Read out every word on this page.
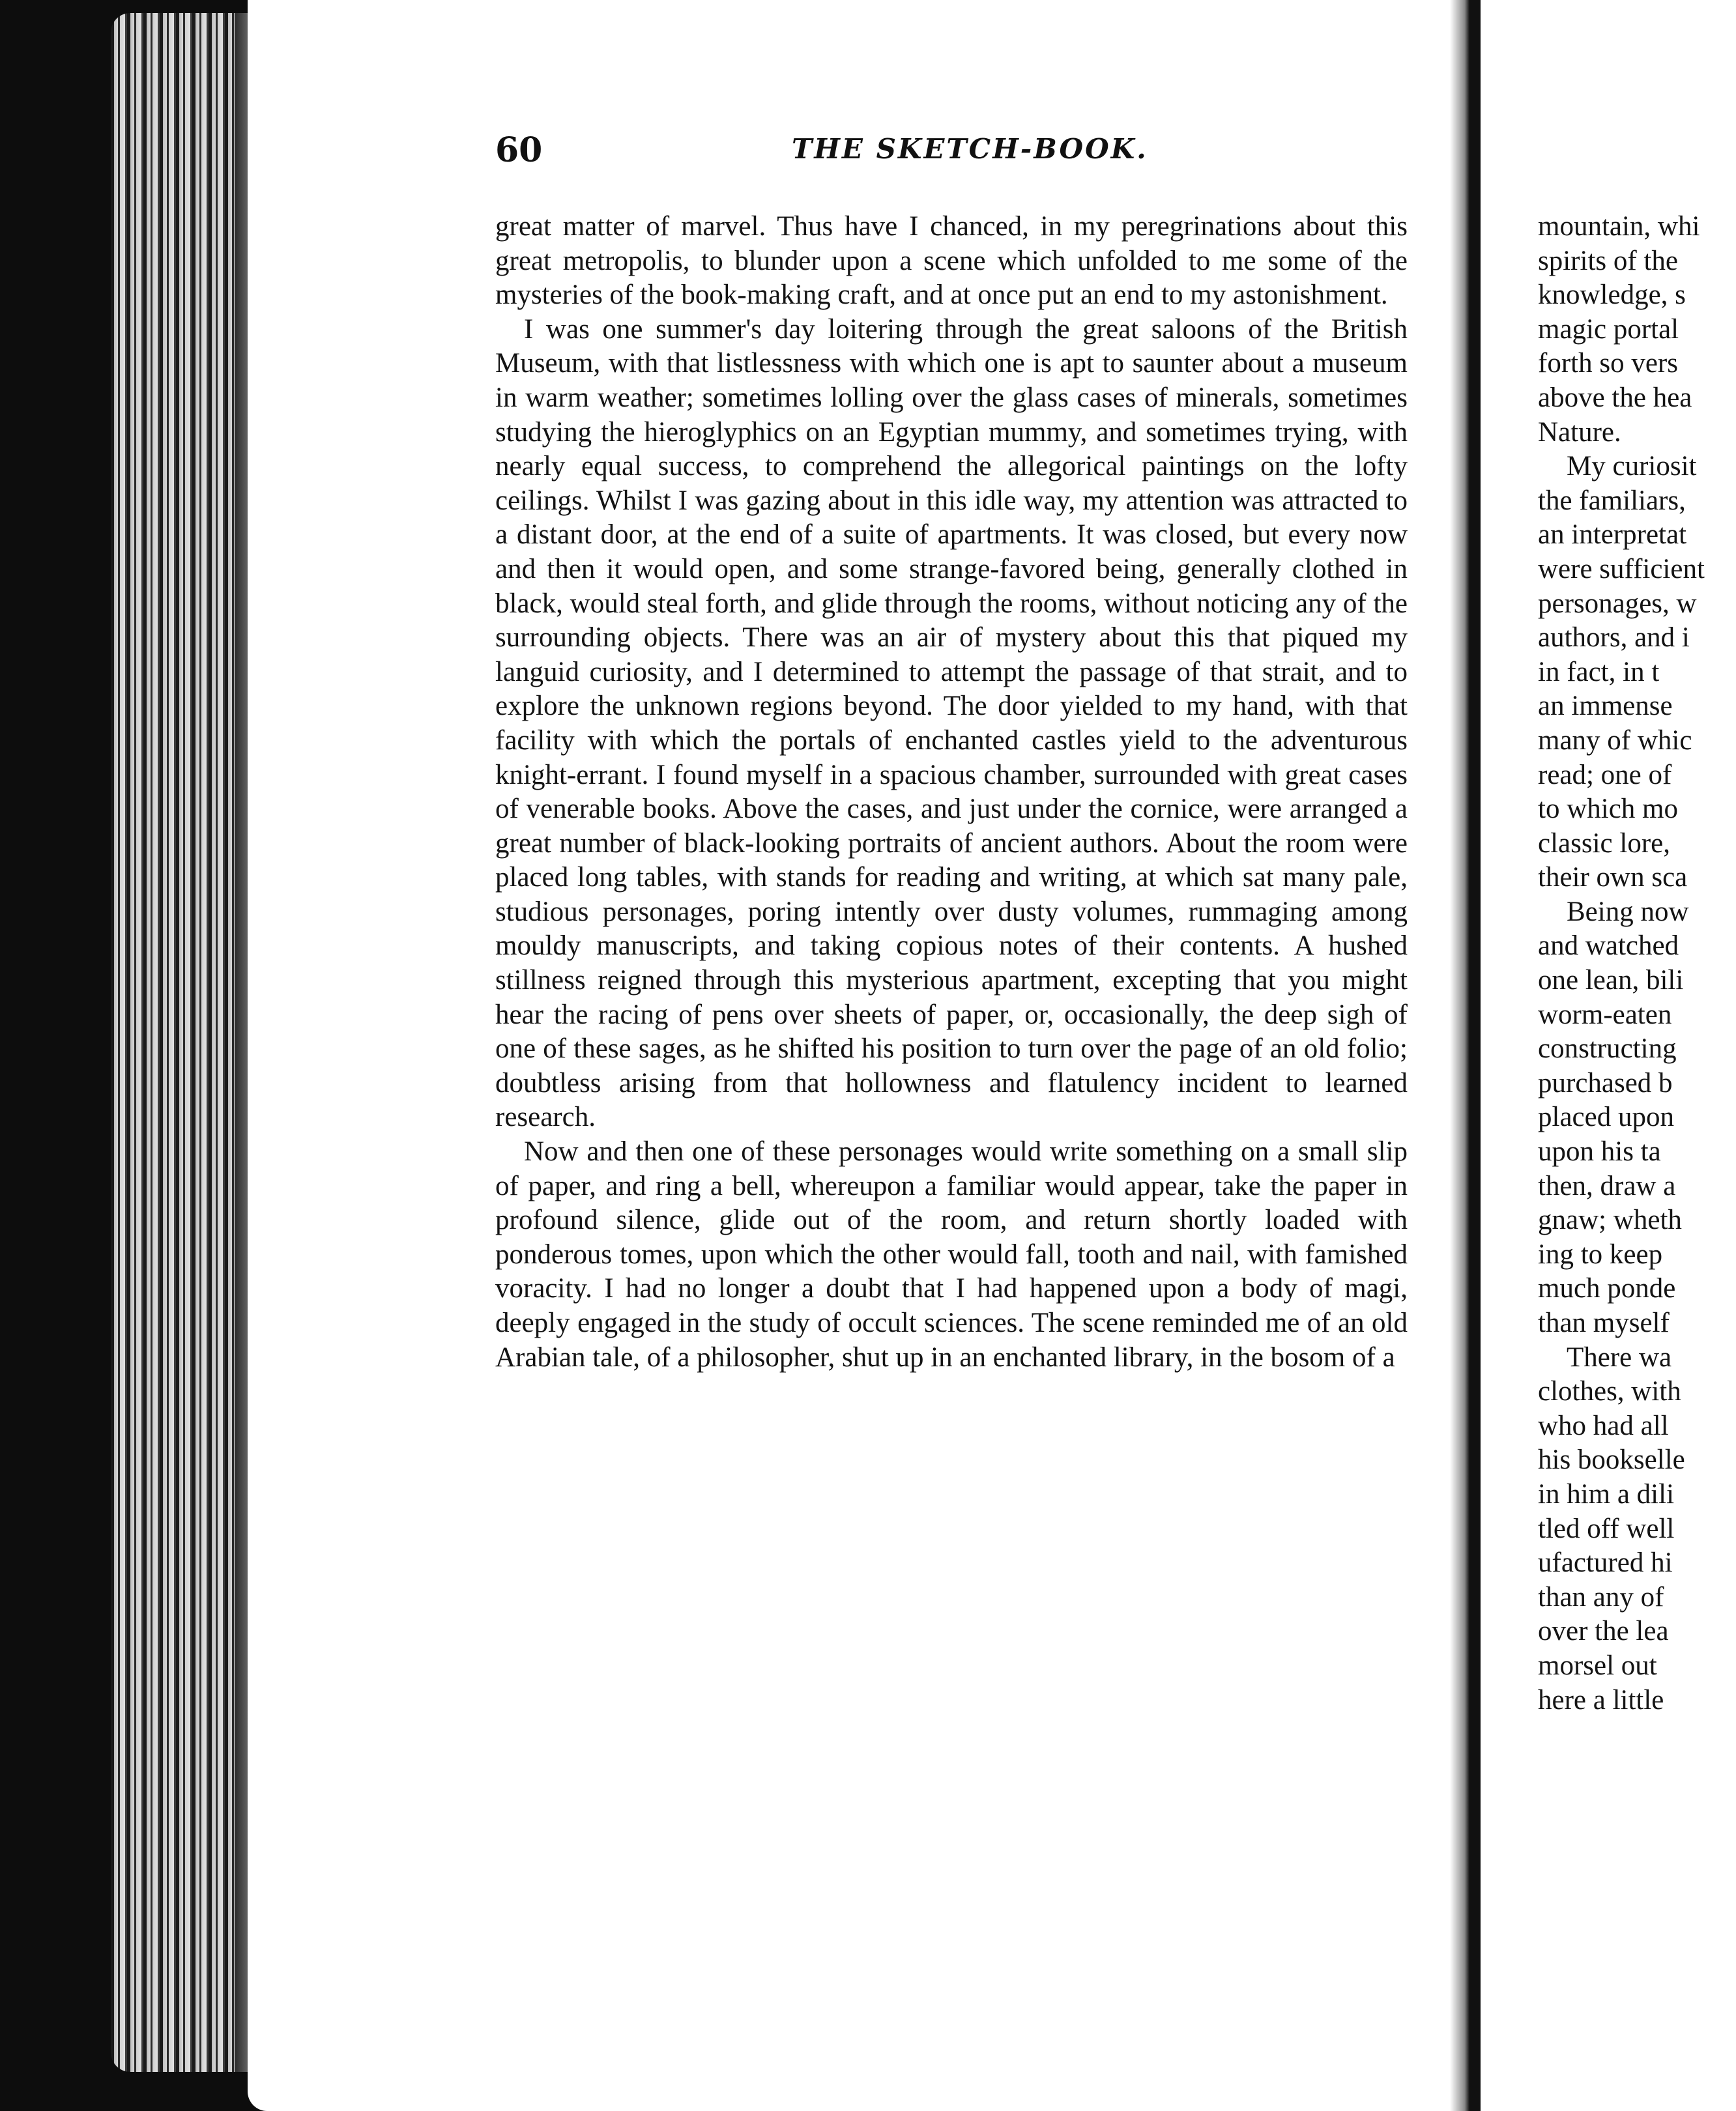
60	THE SKETCH-BOOK.

great matter of marvel. Thus have I chanced, in my peregrinations about this great metropolis, to blunder upon a scene which unfolded to me some of the mysteries of the book-making craft, and at once put an end to my astonishment.

I was one summer's day loitering through the great saloons of the British Museum, with that listlessness with which one is apt to saunter about a museum in warm weather; sometimes lolling over the glass cases of minerals, sometimes studying the hieroglyphics on an Egyptian mummy, and sometimes trying, with nearly equal success, to comprehend the allegorical paintings on the lofty ceilings. Whilst I was gazing about in this idle way, my attention was attracted to a distant door, at the end of a suite of apartments. It was closed, but every now and then it would open, and some strange-favored being, generally clothed in black, would steal forth, and glide through the rooms, without noticing any of the surrounding objects. There was an air of mystery about this that piqued my languid curiosity, and I determined to attempt the passage of that strait, and to explore the unknown regions beyond. The door yielded to my hand, with that facility with which the portals of enchanted castles yield to the adventurous knight-errant. I found myself in a spacious chamber, surrounded with great cases of venerable books. Above the cases, and just under the cornice, were arranged a great number of black-looking portraits of ancient authors. About the room were placed long tables, with stands for reading and writing, at which sat many pale, studious personages, poring intently over dusty volumes, rummaging among mouldy manuscripts, and taking copious notes of their contents. A hushed stillness reigned through this mysterious apartment, excepting that you might hear the racing of pens over sheets of paper, or, occasionally, the deep sigh of one of these sages, as he shifted his position to turn over the page of an old folio; doubtless arising from that hollowness and flatulency incident to learned research.

Now and then one of these personages would write something on a small slip of paper, and ring a bell, whereupon a familiar would appear, take the paper in profound silence, glide out of the room, and return shortly loaded with ponderous tomes, upon which the other would fall, tooth and nail, with famished voracity. I had no longer a doubt that I had happened upon a body of magi, deeply engaged in the study of occult sciences. The scene reminded me of an old Arabian tale, of a philosopher, shut up in an enchanted library, in the bosom of a

mountain, whi
spirits of the
knowledge, s
magic portal
forth so vers
above the hea
Nature.
My curiosit
the familiars,
an interpretat
were sufficient
personages, w
authors, and i
in fact, in t
an immense
many of whic
read; one of
to which mo
classic lore,
their own sca
Being now
and watched
one lean, bili
worm-eaten
constructing
purchased b
placed upon
upon his ta
then, draw a
gnaw; wheth
ing to keep
much ponde
than myself
There wa
clothes, with
who had all
his bookselle
in him a dili
tled off well
ufactured hi
than any of
over the lea
morsel out
here a little
